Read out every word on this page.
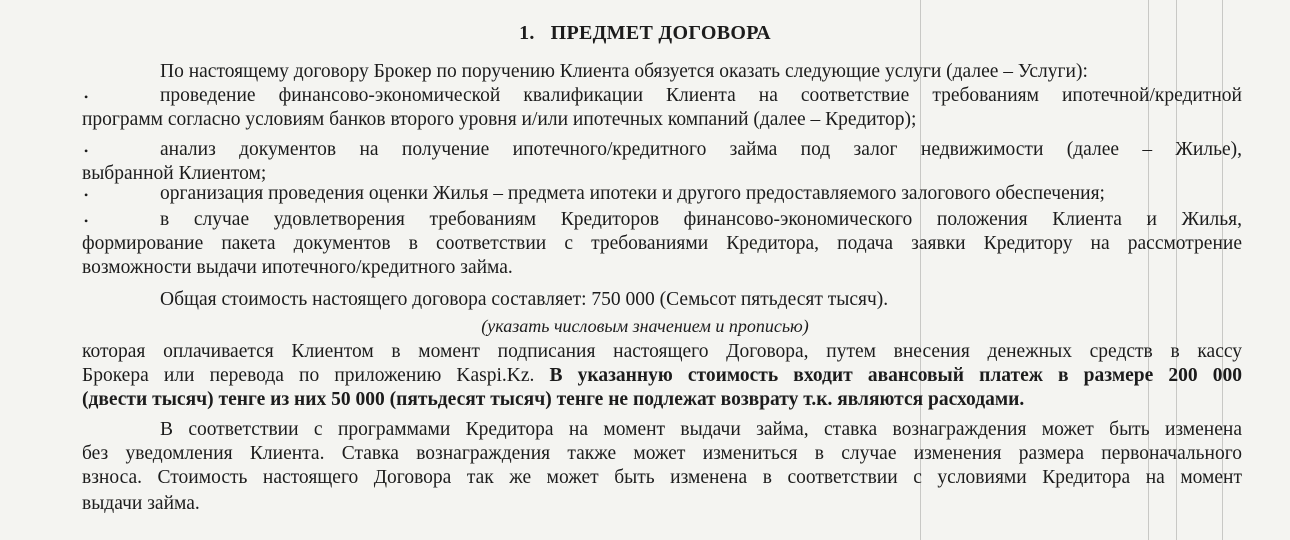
1. ПРЕДМЕТ ДОГОВОРА
По настоящему договору Брокер по поручению Клиента обязуется оказать следующие услуги (далее – Услуги):
•	проведение финансово-экономической квалификации Клиента на соответствие требованиям ипотечной/кредитной
программ согласно условиям банков второго уровня и/или ипотечных компаний (далее – Кредитор);
•	анализ документов на получение ипотечного/кредитного займа под залог недвижимости (далее – Жилье),
выбранной Клиентом;
•	организация проведения оценки Жилья – предмета ипотеки и другого предоставляемого залогового обеспечения;
•	в случае удовлетворения требованиям Кредиторов финансово-экономического положения Клиента и Жилья,
формирование пакета документов в соответствии с требованиями Кредитора, подача заявки Кредитору на рассмотрение
возможности выдачи ипотечного/кредитного займа.
Общая стоимость настоящего договора составляет: 750 000 (Семьсот пятьдесят тысяч).
(указать числовым значением и прописью)
которая оплачивается Клиентом в момент подписания настоящего Договора, путем внесения денежных средств в кассу
Брокера или перевода по приложению Kaspi.Kz. В указанную стоимость входит авансовый платеж в размере 200 000
(двести тысяч) тенге из них 50 000 (пятьдесят тысяч) тенге не подлежат возврату т.к. являются расходами.
В соответствии с программами Кредитора на момент выдачи займа, ставка вознаграждения может быть изменена
без уведомления Клиента. Ставка вознаграждения также может измениться в случае изменения размера первоначального
взноса. Стоимость настоящего Договора так же может быть изменена в соответствии с условиями Кредитора на момент
выдачи займа.
